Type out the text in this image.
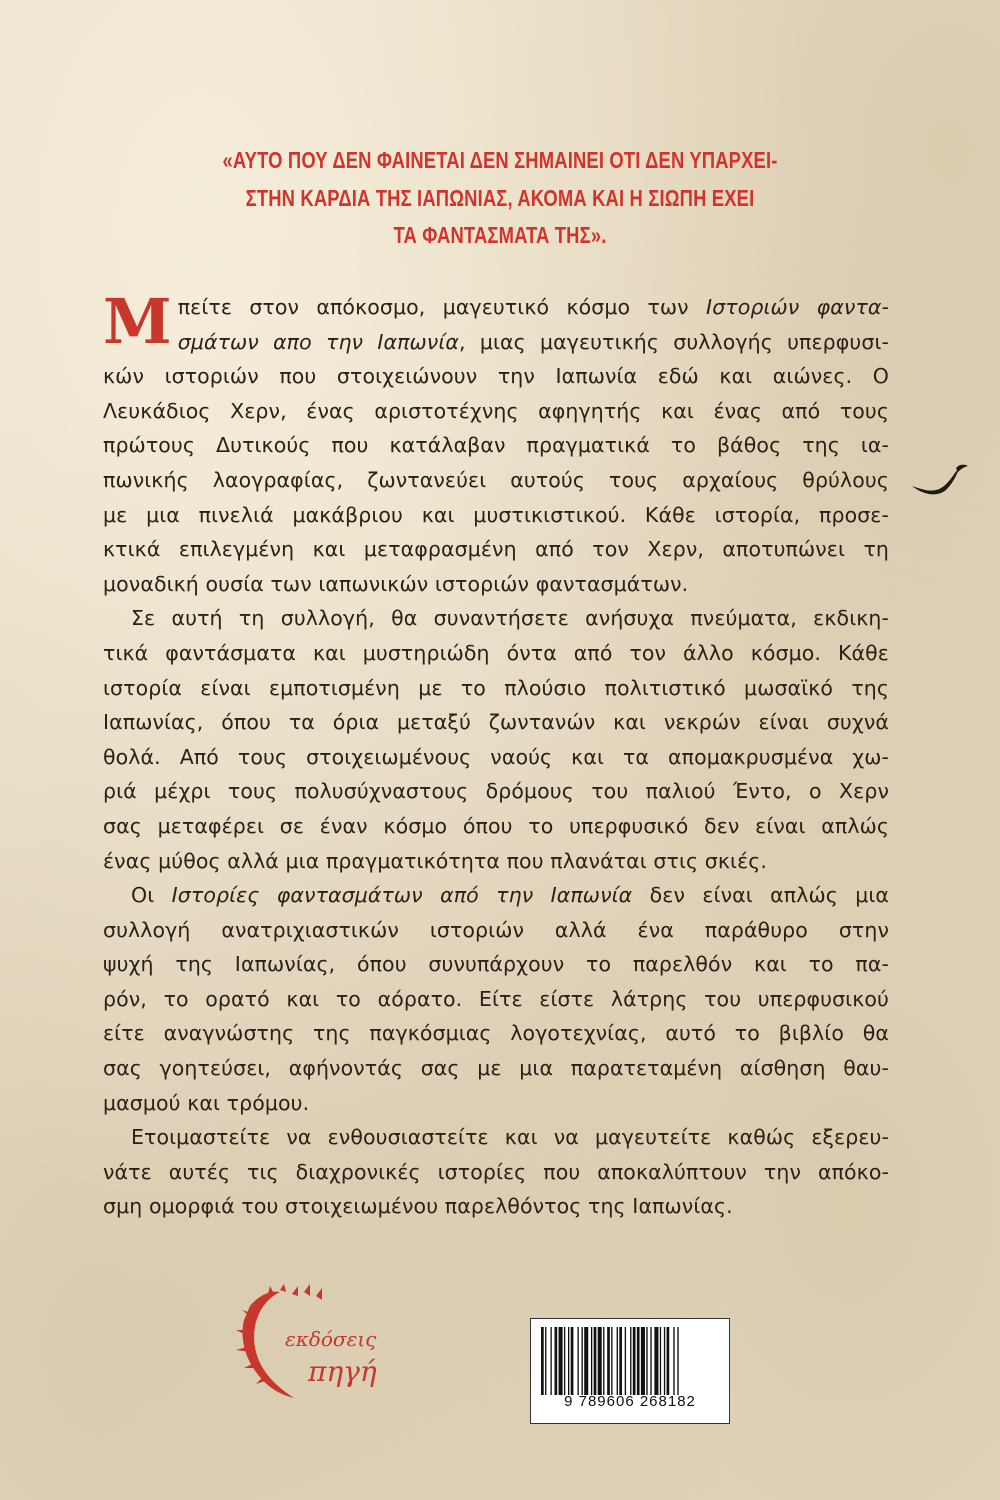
«ΑΥΤΟ ΠΟΥ ΔΕΝ ΦΑΙΝΕΤΑΙ ΔΕΝ ΣΗΜΑΙΝΕΙ ΟΤΙ ΔΕΝ ΥΠΑΡΧΕΙ-
ΣΤΗΝ ΚΑΡΔΙΑ ΤΗΣ ΙΑΠΩΝΙΑΣ, ΑΚΟΜΑ ΚΑΙ Η ΣΙΩΠΗ ΕΧΕΙ
ΤΑ ΦΑΝΤΑΣΜΑΤΑ ΤΗΣ».
Μ πείτε στον απόκοσμο, μαγευτικό κόσμο των Ιστοριών φαντα-
σμάτων απο την Ιαπωνία, μιας μαγευτικής συλλογής υπερφυσι-
κών ιστοριών που στοιχειώνουν την Ιαπωνία εδώ και αιώνες. Ο
Λευκάδιος Χερν, ένας αριστοτέχνης αφηγητής και ένας από τους
πρώτους Δυτικούς που κατάλαβαν πραγματικά το βάθος της ια-
πωνικής λαογραφίας, ζωντανεύει αυτούς τους αρχαίους θρύλους
με μια πινελιά μακάβριου και μυστικιστικού. Κάθε ιστορία, προσε-
κτικά επιλεγμένη και μεταφρασμένη από τον Χερν, αποτυπώνει τη
μοναδική ουσία των ιαπωνικών ιστοριών φαντασμάτων.
Σε αυτή τη συλλογή, θα συναντήσετε ανήσυχα πνεύματα, εκδικη-
τικά φαντάσματα και μυστηριώδη όντα από τον άλλο κόσμο. Κάθε
ιστορία είναι εμποτισμένη με το πλούσιο πολιτιστικό μωσαϊκό της
Ιαπωνίας, όπου τα όρια μεταξύ ζωντανών και νεκρών είναι συχνά
θολά. Από τους στοιχειωμένους ναούς και τα απομακρυσμένα χω-
ριά μέχρι τους πολυσύχναστους δρόμους του παλιού Έντο, ο Χερν
σας μεταφέρει σε έναν κόσμο όπου το υπερφυσικό δεν είναι απλώς
ένας μύθος αλλά μια πραγματικότητα που πλανάται στις σκιές.
Οι Ιστορίες φαντασμάτων από την Ιαπωνία δεν είναι απλώς μια
συλλογή ανατριχιαστικών ιστοριών αλλά ένα παράθυρο στην
ψυχή της Ιαπωνίας, όπου συνυπάρχουν το παρελθόν και το πα-
ρόν, το ορατό και το αόρατο. Είτε είστε λάτρης του υπερφυσικού
είτε αναγνώστης της παγκόσμιας λογοτεχνίας, αυτό το βιβλίο θα
σας γοητεύσει, αφήνοντάς σας με μια παρατεταμένη αίσθηση θαυ-
μασμού και τρόμου.
Ετοιμαστείτε να ενθουσιαστείτε και να μαγευτείτε καθώς εξερευ-
νάτε αυτές τις διαχρονικές ιστορίες που αποκαλύπτουν την απόκο-
σμη ομορφιά του στοιχειωμένου παρελθόντος της Ιαπωνίας.
εκδόσεις
πηγή
9 789606 268182
